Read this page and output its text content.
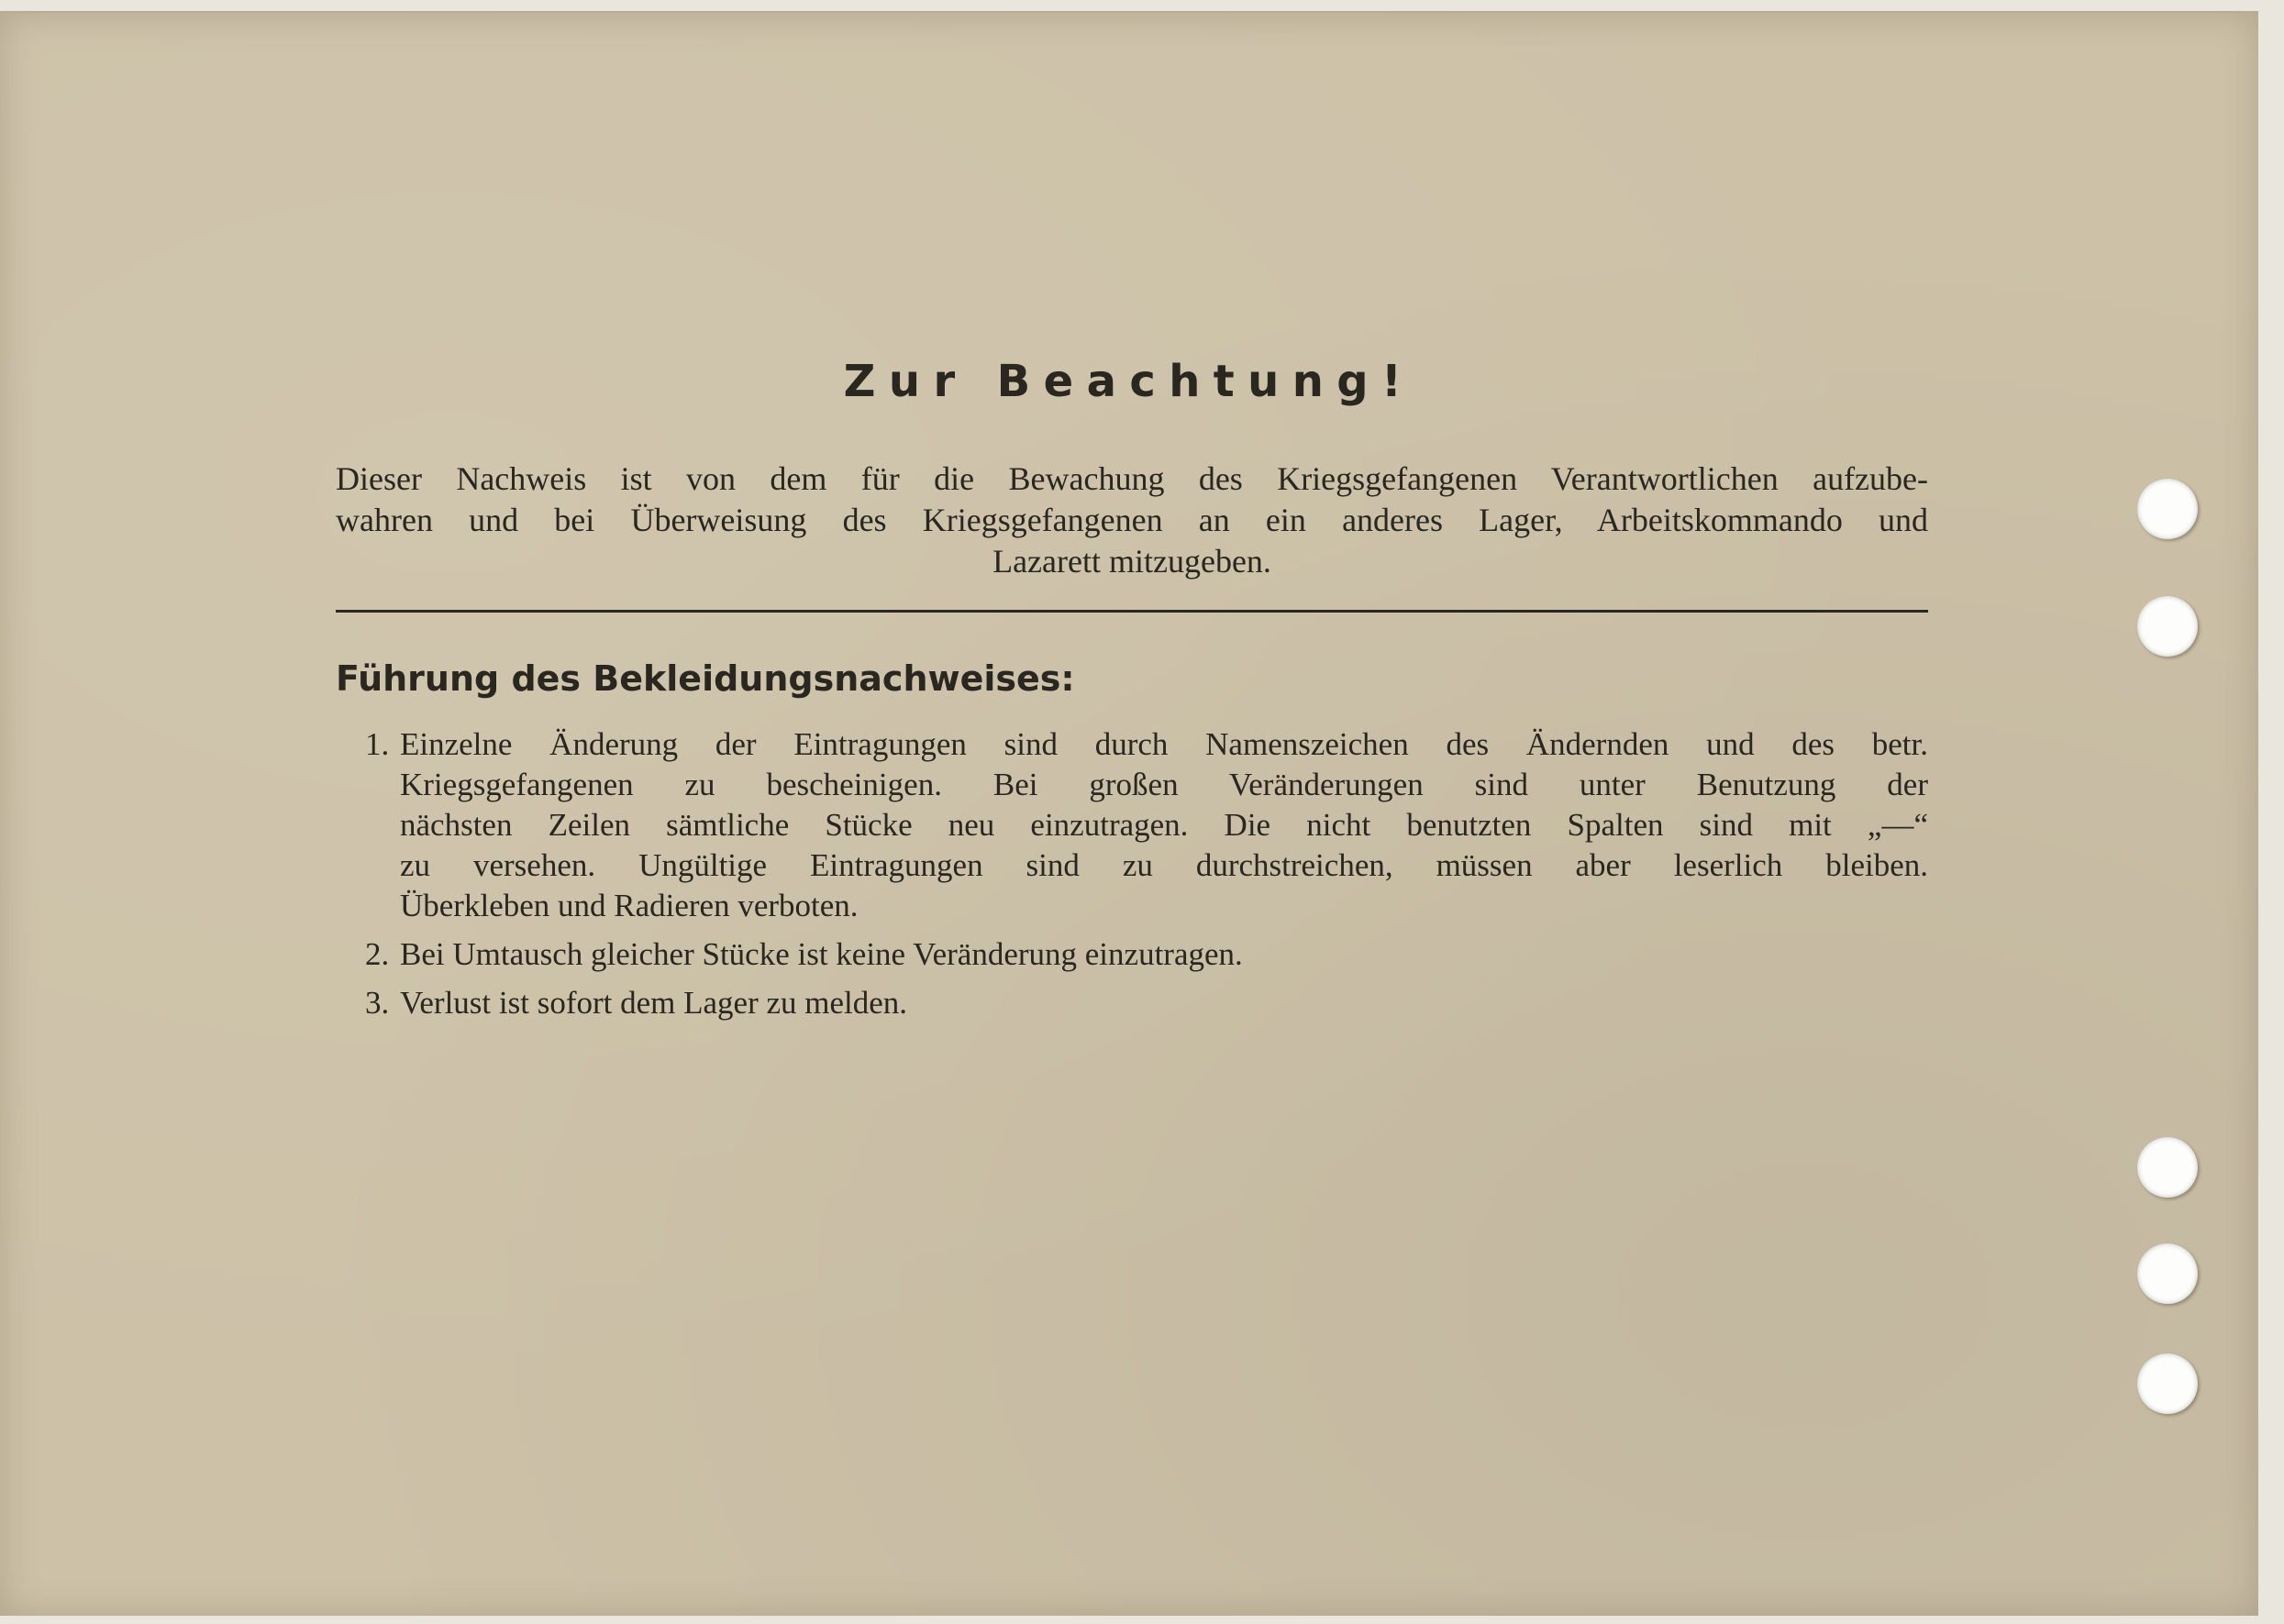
Zur Beachtung!
Dieser Nachweis ist von dem für die Bewachung des Kriegsgefangenen Verantwortlichen aufzube-
wahren und bei Überweisung des Kriegsgefangenen an ein anderes Lager, Arbeitskommando und
Lazarett mitzugeben.
Führung des Bekleidungsnachweises:
1. Einzelne Änderung der Eintragungen sind durch Namenszeichen des Ändernden und des betr.
Kriegsgefangenen zu bescheinigen. Bei großen Veränderungen sind unter Benutzung der
nächsten Zeilen sämtliche Stücke neu einzutragen. Die nicht benutzten Spalten sind mit „—“
zu versehen. Ungültige Eintragungen sind zu durchstreichen, müssen aber leserlich bleiben.
Überkleben und Radieren verboten.
2. Bei Umtausch gleicher Stücke ist keine Veränderung einzutragen.
3. Verlust ist sofort dem Lager zu melden.
